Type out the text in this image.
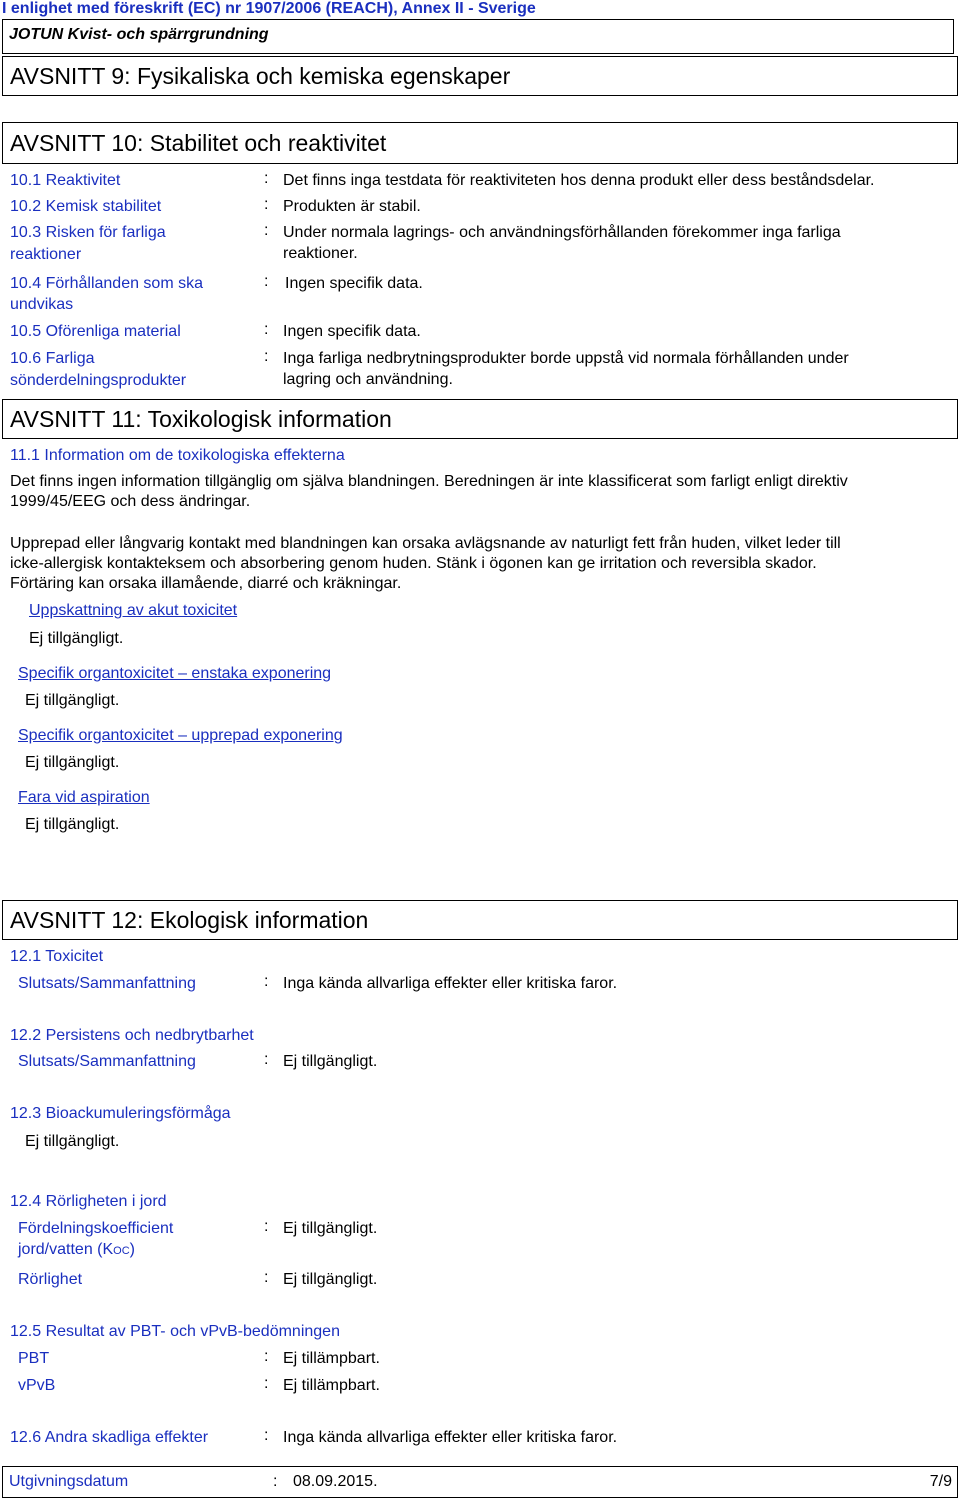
I enlighet med föreskrift (EC) nr 1907/2006 (REACH), Annex II - Sverige
JOTUN Kvist- och spärrgrundning
AVSNITT 9: Fysikaliska och kemiska egenskaper
AVSNITT 10: Stabilitet och reaktivitet
10.1 Reaktivitet	: Det finns inga testdata för reaktiviteten hos denna produkt eller dess beståndsdelar.
10.2 Kemisk stabilitet	: Produkten är stabil.
10.3 Risken för farliga
reaktioner
: Under normala lagrings- och användningsförhållanden förekommer inga farliga
reaktioner.
10.4 Förhållanden som ska
undvikas
: Ingen specifik data.
10.5 Oförenliga material	: Ingen specifik data.
10.6 Farliga
sönderdelningsprodukter
: Inga farliga nedbrytningsprodukter borde uppstå vid normala förhållanden under
lagring och användning.
AVSNITT 11: Toxikologisk information
11.1 Information om de toxikologiska effekterna
Det finns ingen information tillgänglig om själva blandningen. Beredningen är inte klassificerat som farligt enligt direktiv
1999/45/EEG och dess ändringar.
Upprepad eller långvarig kontakt med blandningen kan orsaka avlägsnande av naturligt fett från huden, vilket leder till
icke-allergisk kontakteksem och absorbering genom huden. Stänk i ögonen kan ge irritation och reversibla skador.
Förtäring kan orsaka illamående, diarré och kräkningar.
Uppskattning av akut toxicitet
Ej tillgängligt.
Specifik organtoxicitet – enstaka exponering
Ej tillgängligt.
Specifik organtoxicitet – upprepad exponering
Ej tillgängligt.
Fara vid aspiration
Ej tillgängligt.
AVSNITT 12: Ekologisk information
12.1 Toxicitet
Slutsats/Sammanfattning	: Inga kända allvarliga effekter eller kritiska faror.
12.2 Persistens och nedbrytbarhet
Slutsats/Sammanfattning	: Ej tillgängligt.
12.3 Bioackumuleringsförmåga
Ej tillgängligt.
12.4 Rörligheten i jord
Fördelningskoefficient
jord/vatten (KOC)
: Ej tillgängligt.
Rörlighet	: Ej tillgängligt.
12.5 Resultat av PBT- och vPvB-bedömningen
PBT	: Ej tillämpbart.
vPvB	: Ej tillämpbart.
12.6 Andra skadliga effekter	: Inga kända allvarliga effekter eller kritiska faror.
Utgivningsdatum	: 08.09.2015.	7/9
